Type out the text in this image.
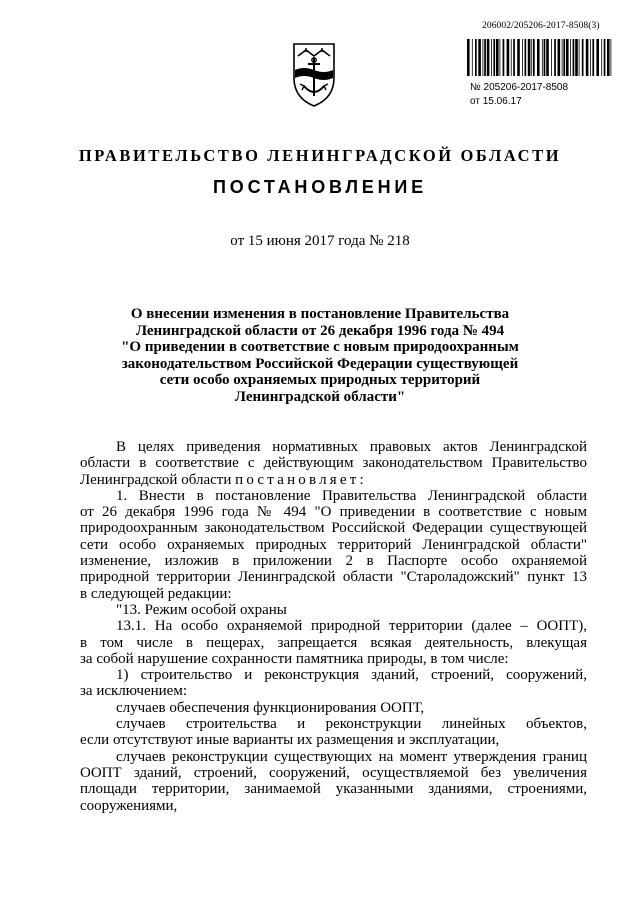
206002/205206-2017-8508(3)
№ 205206-2017-8508
от 15.06.17
ПРАВИТЕЛЬСТВО ЛЕНИНГРАДСКОЙ ОБЛАСТИ
ПОСТАНОВЛЕНИЕ
от 15 июня 2017 года № 218
О внесении изменения в постановление Правительства
Ленинградской области от 26 декабря 1996 года № 494
"О приведении в соответствие с новым природоохранным
законодательством Российской Федерации существующей
сети особо охраняемых природных территорий
Ленинградской области"
В целях приведения нормативных правовых актов Ленинградской
области в соответствие с действующим законодательством Правительство
Ленинградской области постановляет:
1. Внести в постановление Правительства Ленинградской области
от 26 декабря 1996 года № 494 "О приведении в соответствие с новым
природоохранным законодательством Российской Федерации существующей
сети особо охраняемых природных территорий Ленинградской области"
изменение, изложив в приложении 2 в Паспорте особо охраняемой
природной территории Ленинградской области "Староладожский" пункт 13
в следующей редакции:
"13. Режим особой охраны
13.1. На особо охраняемой природной территории (далее – ООПТ),
в том числе в пещерах, запрещается всякая деятельность, влекущая
за собой нарушение сохранности памятника природы, в том числе:
1) строительство и реконструкция зданий, строений, сооружений,
за исключением:
случаев обеспечения функционирования ООПТ,
случаев строительства и реконструкции линейных объектов,
если отсутствуют иные варианты их размещения и эксплуатации,
случаев реконструкции существующих на момент утверждения границ
ООПТ зданий, строений, сооружений, осуществляемой без увеличения
площади территории, занимаемой указанными зданиями, строениями,
сооружениями,
